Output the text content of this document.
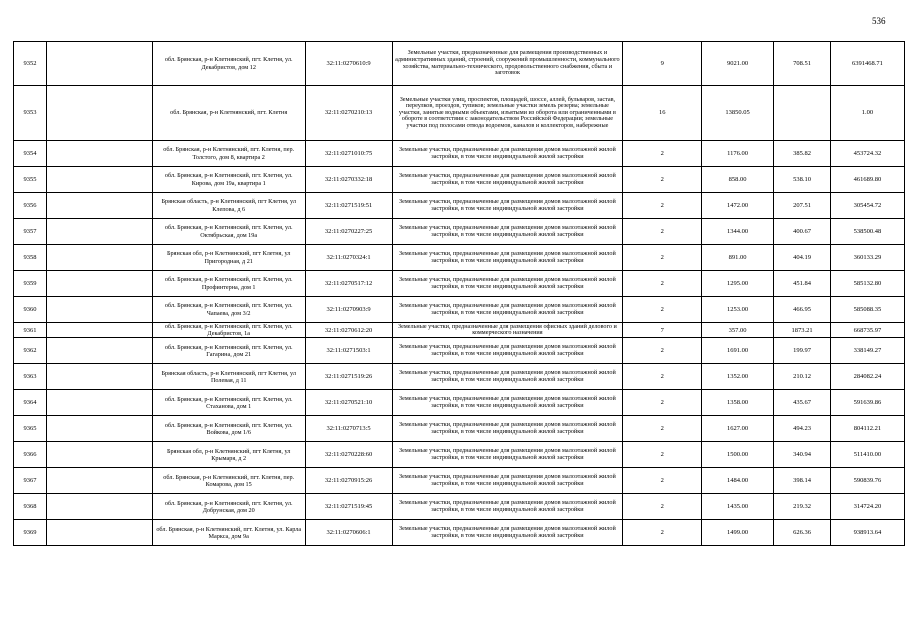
536
9352		обл. Брянская, р-н Клетнянский, пгт. Клетня, ул. Декабристов, дом 12	32:11:0270610:9	Земельные участки, предназначенные для размещения производственных и административных зданий, строений, сооружений промышленности, коммунального хозяйства, материально-технического, продовольственного снабжения, сбыта и заготовок	9	9021.00	708.51	6391468.71
9353		обл. Брянская, р-н Клетнянский, пгт. Клетня	32:11:0270210:13	Земельные участки улиц, проспектов, площадей, шоссе, аллей, бульваров, застав, переулков, проездов, тупиков; земельные участки земель резерва; земельные участки, занятые водными объектами, изъятыми из оборота или ограниченными в обороте в соответствии с законодательством Российской Федерации; земельные участки под полосами отвода водоемов, каналов и коллекторов, набережные	16	13850.05		1.00
9354		обл. Брянская, р-н Клетнянский, пгт. Клетня, пер. Толстого, дом 8, квартира 2	32:11:0271010:75	Земельные участки, предназначенные для размещения домов малоэтажной жилой застройки, в том числе индивидуальной жилой застройки	2	1176.00	385.82	453724.32
9355		обл. Брянская, р-н Клетнянский, пгт. Клетня, ул. Кирова, дом 19а, квартира 1	32:11:0270332:18	Земельные участки, предназначенные для размещения домов малоэтажной жилой застройки, в том числе индивидуальной жилой застройки	2	858.00	538.10	461689.80
9356		Брянская область, р-н Клетнянский, пгт Клетня, ул Клепова, д 6	32:11:0271519:51	Земельные участки, предназначенные для размещения домов малоэтажной жилой застройки, в том числе индивидуальной жилой застройки	2	1472.00	207.51	305454.72
9357		обл. Брянская, р-н Клетнянский, пгт. Клетня, ул. Октябрьская, дом 19а	32:11:0270227:25	Земельные участки, предназначенные для размещения домов малоэтажной жилой застройки, в том числе индивидуальной жилой застройки	2	1344.00	400.67	538500.48
9358		Брянская обл, р-н Клетнянский, пгт Клетня, ул Пригородная, д 21	32:11:0270324:1	Земельные участки, предназначенные для размещения домов малоэтажной жилой застройки, в том числе индивидуальной жилой застройки	2	891.00	404.19	360133.29
9359		обл. Брянская, р-н Клетнянский, пгт. Клетня, ул. Профинтерна, дом 1	32:11:0270517:12	Земельные участки, предназначенные для размещения домов малоэтажной жилой застройки, в том числе индивидуальной жилой застройки	2	1295.00	451.84	585132.80
9360		обл. Брянская, р-н Клетнянский, пгт. Клетня, ул. Чапаева, дом 3/2	32:11:0270903:9	Земельные участки, предназначенные для размещения домов малоэтажной жилой застройки, в том числе индивидуальной жилой застройки	2	1253.00	466.95	585088.35
9361		обл. Брянская, р-н Клетнянский, пгт. Клетня, ул. Декабристов, 1а	32:11:0270612:20	Земельные участки, предназначенные для размещения офисных зданий делового и коммерческого назначения	7	357.00	1873.21	668735.97
9362		обл. Брянская, р-н Клетнянский, пгт. Клетня, ул. Гагарина, дом 21	32:11:0271503:1	Земельные участки, предназначенные для размещения домов малоэтажной жилой застройки, в том числе индивидуальной жилой застройки	2	1691.00	199.97	338149.27
9363		Брянская область, р-н Клетнянский, пгт Клетня, ул Полевая, д 11	32:11:0271519:26	Земельные участки, предназначенные для размещения домов малоэтажной жилой застройки, в том числе индивидуальной жилой застройки	2	1352.00	210.12	284082.24
9364		обл. Брянская, р-н Клетнянский, пгт. Клетня, ул. Стаханова, дом 1	32:11:0270521:10	Земельные участки, предназначенные для размещения домов малоэтажной жилой застройки, в том числе индивидуальной жилой застройки	2	1358.00	435.67	591639.86
9365		обл. Брянская, р-н Клетнянский, пгт. Клетня, ул. Войкова, дом 1/6	32:11:0270713:5	Земельные участки, предназначенные для размещения домов малоэтажной жилой застройки, в том числе индивидуальной жилой застройки	2	1627.00	494.23	804112.21
9366		Брянская обл, р-н Клетнянский, пгт Клетня, ул Крымаря, д 2	32:11:0270228:60	Земельные участки, предназначенные для размещения домов малоэтажной жилой застройки, в том числе индивидуальной жилой застройки	2	1500.00	340.94	511410.00
9367		обл. Брянская, р-н Клетнянский, пгт. Клетня, пер. Комарова, дом 15	32:11:0270915:26	Земельные участки, предназначенные для размещения домов малоэтажной жилой застройки, в том числе индивидуальной жилой застройки	2	1484.00	398.14	590839.76
9368		обл. Брянская, р-н Клетнянский, пгт. Клетня, ул. Добрунская, дом 20	32:11:0271519:45	Земельные участки, предназначенные для размещения домов малоэтажной жилой застройки, в том числе индивидуальной жилой застройки	2	1435.00	219.32	314724.20
9369		обл. Брянская, р-н Клетнянский, пгт. Клетня, ул. Карла Маркса, дом 9а	32:11:0270606:1	Земельные участки, предназначенные для размещения домов малоэтажной жилой застройки, в том числе индивидуальной жилой застройки	2	1499.00	626.36	938913.64
